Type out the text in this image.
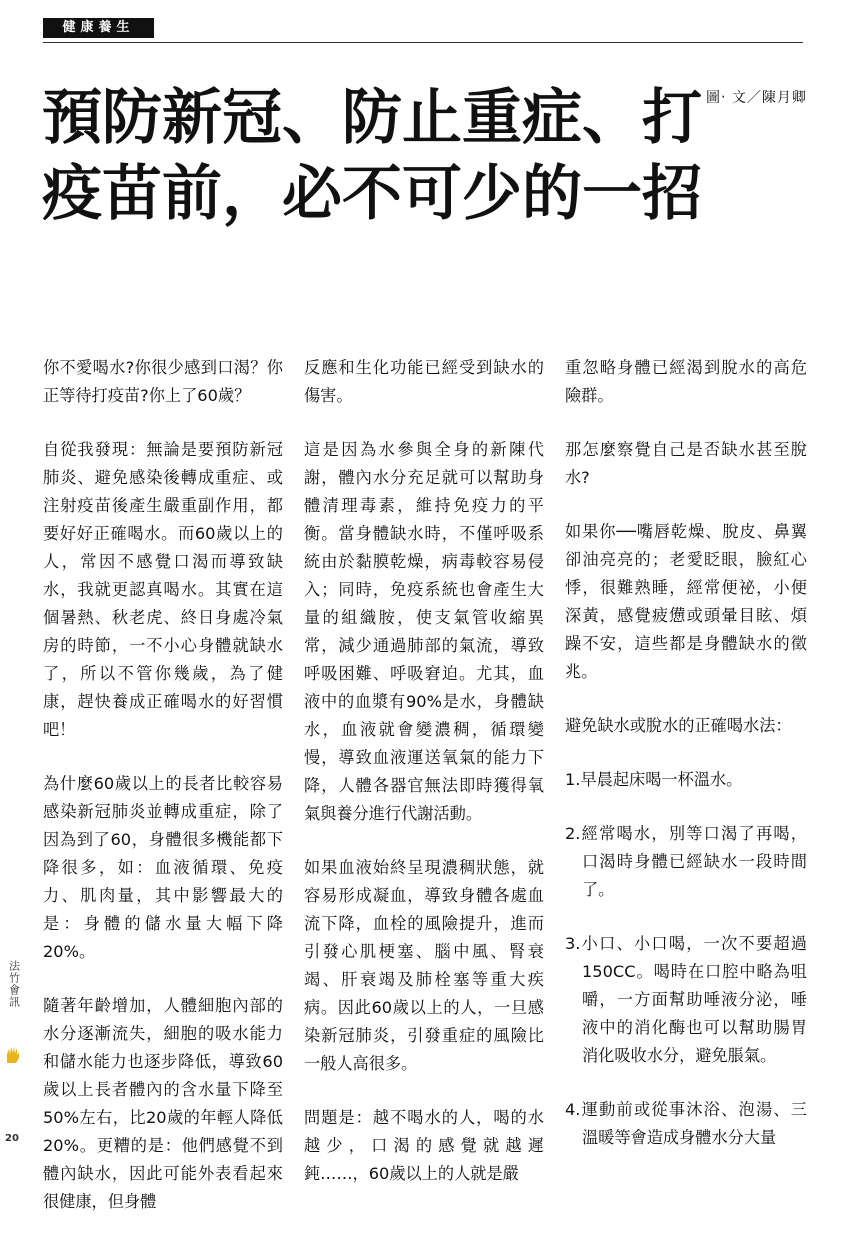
健康養生
預防新冠、防止重症、打
疫苗前，必不可少的一招
圖‧ 文／陳月卿

你不愛喝水?你很少感到口渴？你正等待打疫苗?你上了60歲？

自從我發現：無論是要預防新冠肺炎、避免感染後轉成重症、或注射疫苗後產生嚴重副作用，都要好好正確喝水。而60歲以上的人，常因不感覺口渴而導致缺水，我就更認真喝水。其實在這個暑熱、秋老虎、終日身處冷氣房的時節，一不小心身體就缺水了，所以不管你幾歲，為了健康，趕快養成正確喝水的好習慣吧！

為什麼60歲以上的長者比較容易感染新冠肺炎並轉成重症，除了因為到了60，身體很多機能都下降很多，如：血液循環、免疫力、肌肉量，其中影響最大的是：身體的儲水量大幅下降20%。

隨著年齡增加，人體細胞內部的水分逐漸流失，細胞的吸水能力和儲水能力也逐步降低，導致60歲以上長者體內的含水量下降至50%左右，比20歲的年輕人降低20%。更糟的是：他們感覺不到體內缺水，因此可能外表看起來很健康，但身體

反應和生化功能已經受到缺水的傷害。

這是因為水參與全身的新陳代謝，體內水分充足就可以幫助身體清理毒素，維持免疫力的平衡。當身體缺水時，不僅呼吸系統由於黏膜乾燥，病毒較容易侵入；同時，免疫系統也會產生大量的組織胺，使支氣管收縮異常，減少通過肺部的氣流，導致呼吸困難、呼吸窘迫。尤其，血液中的血漿有90%是水，身體缺水，血液就會變濃稠，循環變慢，導致血液運送氧氣的能力下降，人體各器官無法即時獲得氧氣與養分進行代謝活動。

如果血液始終呈現濃稠狀態，就容易形成凝血，導致身體各處血流下降，血栓的風險提升，進而引發心肌梗塞、腦中風、腎衰竭、肝衰竭及肺栓塞等重大疾病。因此60歲以上的人，一旦感染新冠肺炎，引發重症的風險比一般人高很多。

問題是：越不喝水的人，喝的水越少，口渴的感覺就越遲鈍……，60歲以上的人就是嚴

重忽略身體已經渴到脫水的高危險群。

那怎麼察覺自己是否缺水甚至脫水?

如果你──嘴唇乾燥、脫皮、鼻翼卻油亮亮的；老愛眨眼，臉紅心悸，很難熟睡，經常便祕，小便深黃，感覺疲憊或頭暈目眩、煩躁不安，這些都是身體缺水的徵兆。

避免缺水或脫水的正確喝水法：

1.早晨起床喝一杯溫水。

2.經常喝水，別等口渴了再喝，口渴時身體已經缺水一段時間了。

3.小口、小口喝，一次不要超過150CC。喝時在口腔中略為咀嚼，一方面幫助唾液分泌，唾液中的消化酶也可以幫助腸胃消化吸收水分，避免脹氣。

4.運動前或從事沐浴、泡湯、三溫暖等會造成身體水分大量

法竹會訊
20
